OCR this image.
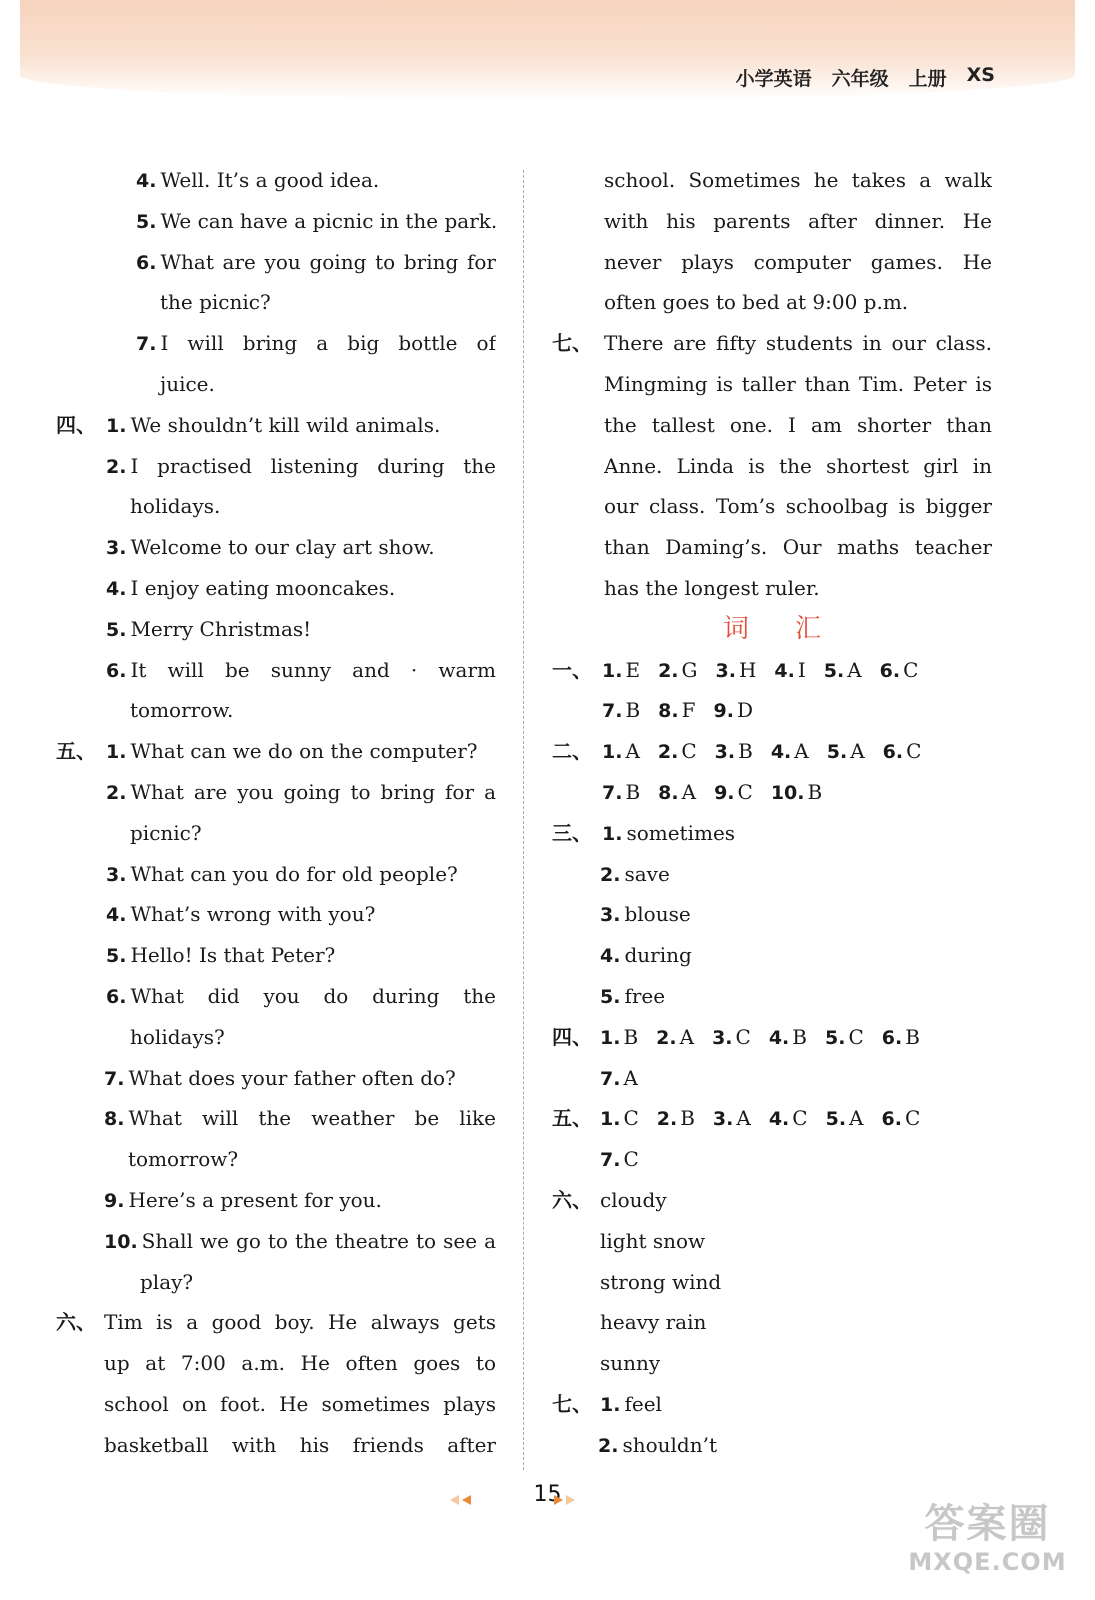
小学英语 六年级 上册 XS
4. Well. It’s a good idea.
5. We can have a picnic in the park.
6. What are you going to bring for
the picnic?
7. I will bring a big bottle of
juice.
四、 1. We shouldn’t kill wild animals.
2. I practised listening during the
holidays.
3. Welcome to our clay art show.
4. I enjoy eating mooncakes.
5. Merry Christmas!
6. It will be sunny and · warm
tomorrow.
五、 1. What can we do on the computer?
2. What are you going to bring for a
picnic?
3. What can you do for old people?
4. What’s wrong with you?
5. Hello! Is that Peter?
6. What did you do during the
holidays?
7. What does your father often do?
8. What will the weather be like
tomorrow?
9. Here’s a present for you.
10. Shall we go to the theatre to see a
play?
六、 Tim is a good boy. He always gets
up at 7:00 a.m. He often goes to
school on foot. He sometimes plays
basketball with his friends after
school. Sometimes he takes a walk
with his parents after dinner. He
never plays computer games. He
often goes to bed at 9:00 p.m.
七、 There are fifty students in our class.
Mingming is taller than Tim. Peter is
the tallest one. I am shorter than
Anne. Linda is the shortest girl in
our class. Tom’s schoolbag is bigger
than Daming’s. Our maths teacher
has the longest ruler.
词汇
一、 1. E 2. G 3. H 4. I 5. A 6. C
7. B 8. F 9. D
二、 1. A 2. C 3. B 4. A 5. A 6. C
7. B 8. A 9. C 10. B
三、 1. sometimes
2. save
3. blouse
4. during
5. free
四、 1. B 2. A 3. C 4. B 5. C 6. B
7. A
五、 1. C 2. B 3. A 4. C 5. A 6. C
7. C
六、 cloudy
light snow
strong wind
heavy rain
sunny
七、 1. feel
2. shouldn’t
15
答案圈
MXQE.COM
